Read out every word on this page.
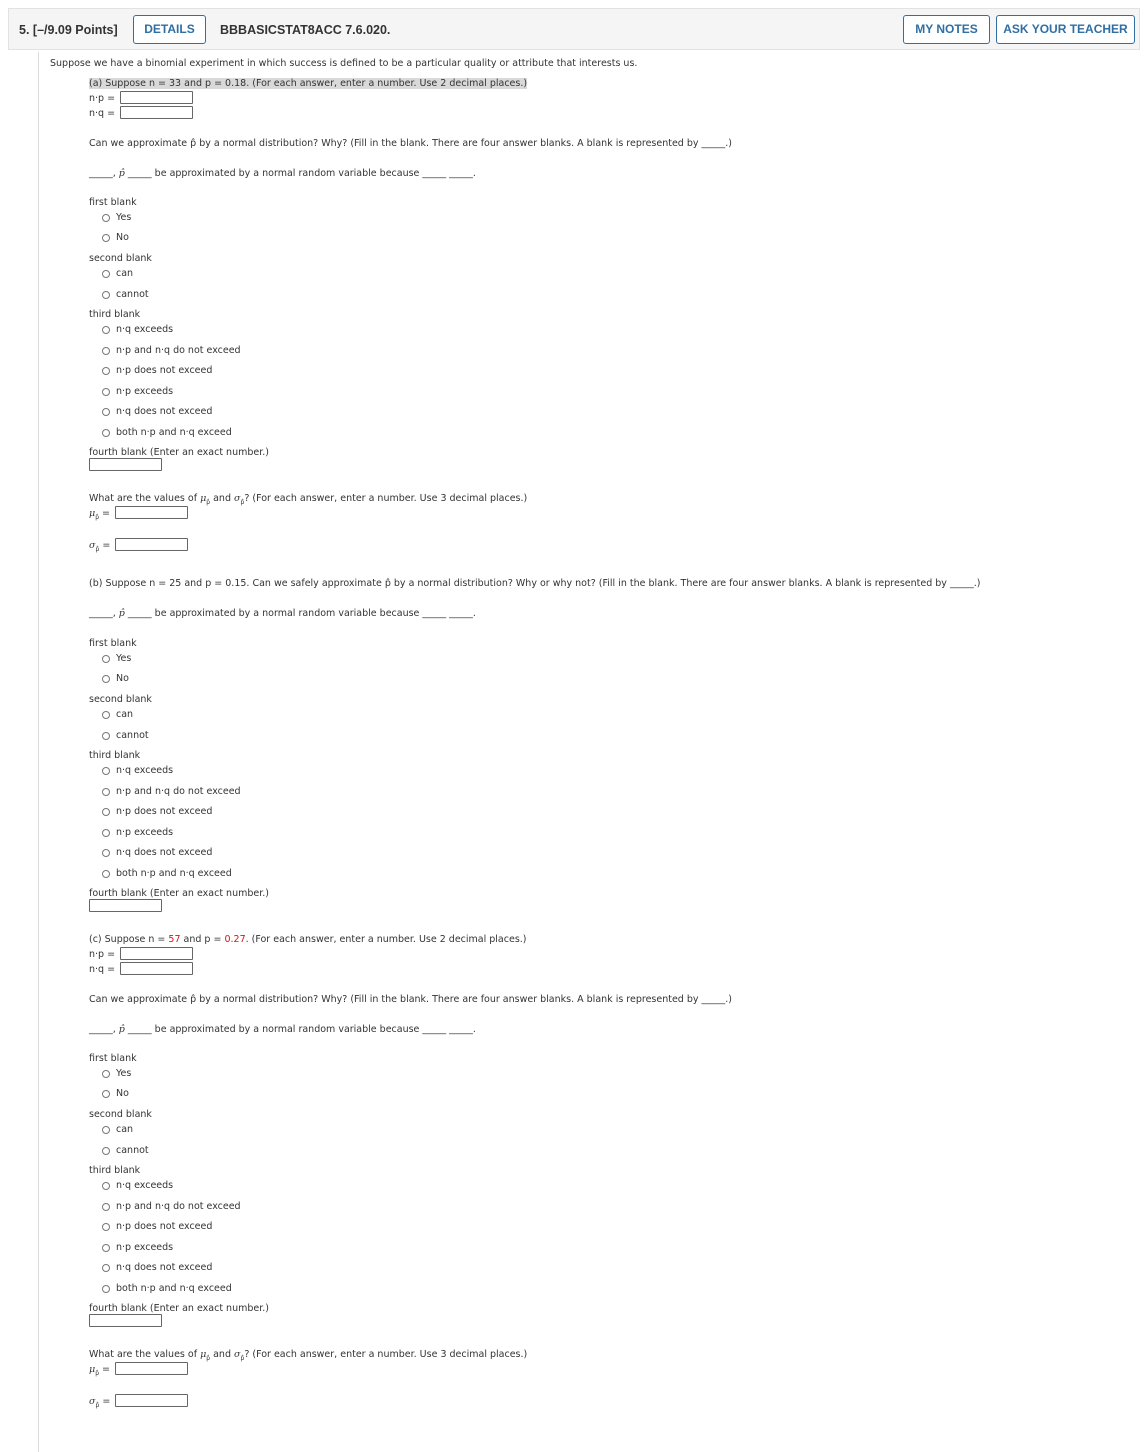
5. [–/9.09 Points]	DETAILS	BBBASICSTAT8ACC 7.6.020.	MY NOTES	ASK YOUR TEACHER
Suppose we have a binomial experiment in which success is defined to be a particular quality or attribute that interests us.
(a) Suppose n = 33 and p = 0.18. (For each answer, enter a number. Use 2 decimal places.)
n·p =
n·q =
Can we approximate p̂ by a normal distribution? Why? (Fill in the blank. There are four answer blanks. A blank is represented by _____.)
_____, p̂ _____ be approximated by a normal random variable because _____ _____.
first blank
Yes
No
second blank
can
cannot
third blank
n·q exceeds
n·p and n·q do not exceed
n·p does not exceed
n·p exceeds
n·q does not exceed
both n·p and n·q exceed
fourth blank (Enter an exact number.)
What are the values of $\mu_{p̂}$ and $\sigma_{p̂}$? (For each answer, enter a number. Use 3 decimal places.)
$\mu_{p̂}$ =
$\sigma_{p̂}$ =
(b) Suppose n = 25 and p = 0.15. Can we safely approximate p̂ by a normal distribution? Why or why not? (Fill in the blank. There are four answer blanks. A blank is represented by _____.)
_____, p̂ _____ be approximated by a normal random variable because _____ _____.
first blank
Yes
No
second blank
can
cannot
third blank
n·q exceeds
n·p and n·q do not exceed
n·p does not exceed
n·p exceeds
n·q does not exceed
both n·p and n·q exceed
fourth blank (Enter an exact number.)
(c) Suppose n = 57 and p = 0.27. (For each answer, enter a number. Use 2 decimal places.)
n·p =
n·q =
Can we approximate p̂ by a normal distribution? Why? (Fill in the blank. There are four answer blanks. A blank is represented by _____.)
_____, p̂ _____ be approximated by a normal random variable because _____ _____.
first blank
Yes
No
second blank
can
cannot
third blank
n·q exceeds
n·p and n·q do not exceed
n·p does not exceed
n·p exceeds
n·q does not exceed
both n·p and n·q exceed
fourth blank (Enter an exact number.)
What are the values of $\mu_{p̂}$ and $\sigma_{p̂}$? (For each answer, enter a number. Use 3 decimal places.)
$\mu_{p̂}$ =
$\sigma_{p̂}$ =
